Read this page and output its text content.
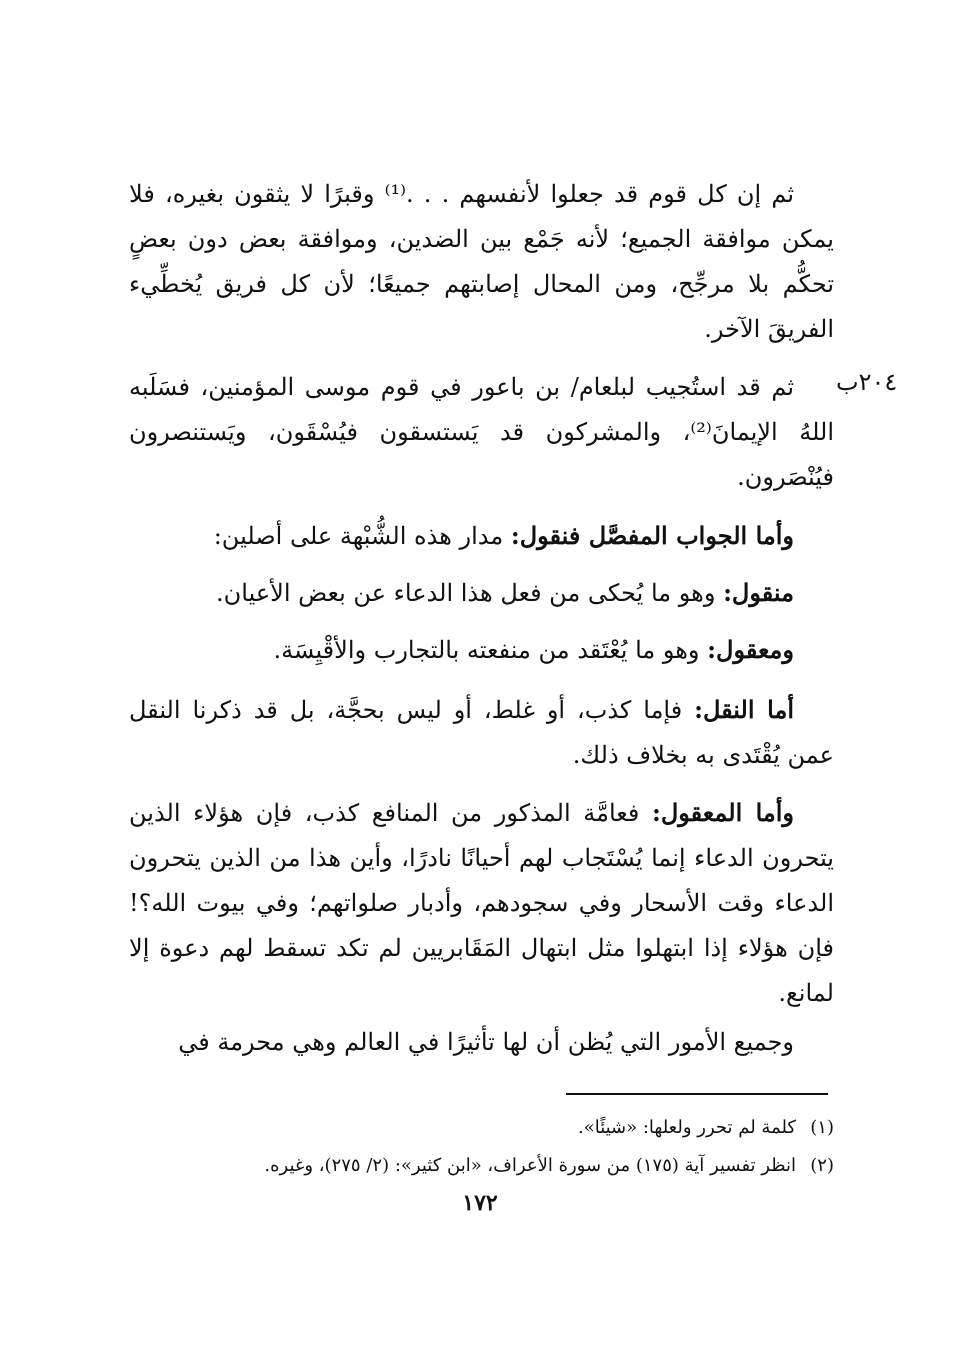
ثم إن كل قوم قد جعلوا لأنفسهم . . .⁽¹⁾ وقبرًا لا يثقون بغيره، فلا يمكن موافقة الجميع؛ لأنه جَمْع بين الضدين، وموافقة بعض دون بعضٍ تحكُّم بلا مرجِّح، ومن المحال إصابتهم جميعًا؛ لأن كل فريق يُخطِّيء الفريقَ الآخر.
٢٠٤ب
ثم قد استُجيب لبلعام/ بن باعور في قوم موسى المؤمنين، فسَلَبه اللهُ الإيمانَ⁽²⁾، والمشركون قد يَستسقون فيُسْقَون، ويَستنصرون فيُنْصَرون.
وأما الجواب المفصَّل فنقول: مدار هذه الشُّبْهة على أصلين:
منقول: وهو ما يُحكى من فعل هذا الدعاء عن بعض الأعيان.
ومعقول: وهو ما يُعْتَقد من منفعته بالتجارب والأقْيِسَة.
أما النقل: فإما كذب، أو غلط، أو ليس بحجَّة، بل قد ذكرنا النقل عمن يُقْتَدى به بخلاف ذلك.
وأما المعقول: فعامَّة المذكور من المنافع كذب، فإن هؤلاء الذين يتحرون الدعاء إنما يُسْتَجاب لهم أحيانًا نادرًا، وأين هذا من الذين يتحرون الدعاء وقت الأسحار وفي سجودهم، وأدبار صلواتهم؛ وفي بيوت الله؟! فإن هؤلاء إذا ابتهلوا مثل ابتهال المَقَابريين لم تكد تسقط لهم دعوة إلا لمانع.
وجميع الأمور التي يُظن أن لها تأثيرًا في العالم وهي محرمة في
(١)كلمة لم تحرر ولعلها: «شيئًا».
(٢)انظر تفسير آية (١٧٥) من سورة الأعراف، «ابن كثير»: (٢/ ٢٧٥)، وغيره.
١٧٢
